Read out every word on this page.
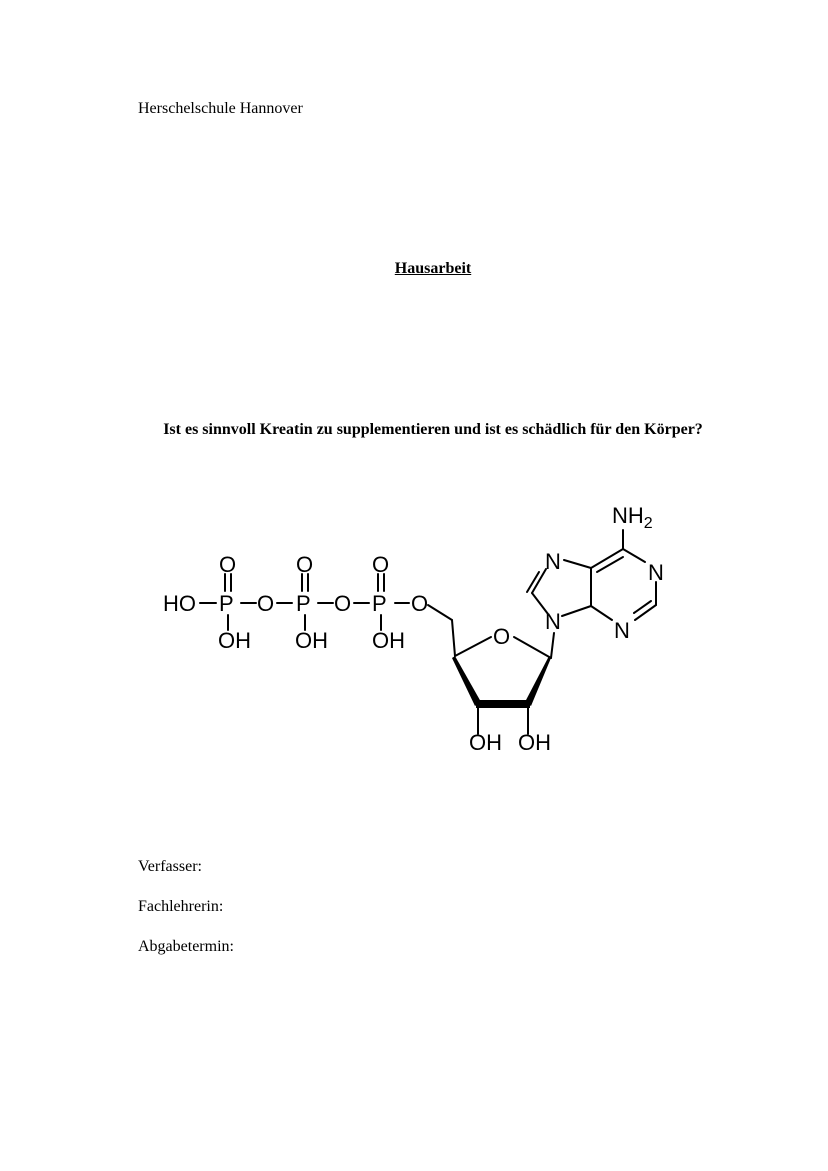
Herschelschule Hannover

Hausarbeit

Ist es sinnvoll Kreatin zu supplementieren und ist es schädlich für den Körper?

HO P
O
OH
O P
O
OH
O P
O
OH
O
O
OH OH
N
N	N
N
$NH_2$

Verfasser:

Fachlehrerin:

Abgabetermin:
